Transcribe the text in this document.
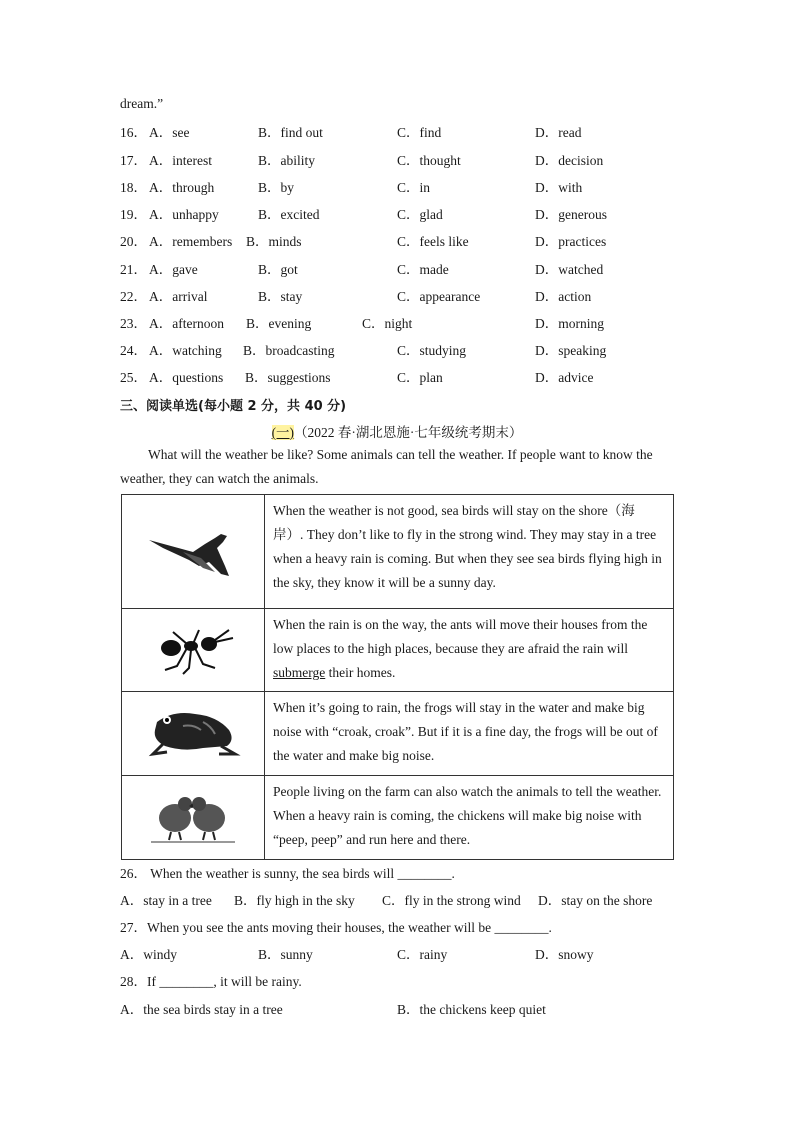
dream.”
16． A．see	B．find out	C．find	D．read
17． A．interest	B．ability	C．thought	D．decision
18． A．through	B．by	C．in	D．with
19． A．unhappy	B．excited	C．glad	D．generous
20． A．remembers B．minds	C．feels like	D．practices
21． A．gave	B．got	C．made	D．watched
22． A．arrival	B．stay	C．appearance	D．action
23． A．afternoon B．evening	C．night	D．morning
24． A．watching B．broadcasting	C．studying	D．speaking
25． A．questions B．suggestions	C．plan	D．advice
三、阅读单选(每小题 2 分，共 40 分)
(一)（2022 春·湖北恩施·七年级统考期末）
What will the weather be like? Some animals can tell the weather. If people want to know the weather, they can watch the animals.
	When the weather is not good, sea birds will stay on the shore（海岸）. They don’t like to fly in the strong wind. They may stay in a tree when a heavy rain is coming. But when they see sea birds flying high in the sky, they know it will be a sunny day.
	When the rain is on the way, the ants will move their houses from the low places to the high places, because they are afraid the rain will submerge their homes.
	When it’s going to rain, the frogs will stay in the water and make big noise with “croak, croak”. But if it is a fine day, the frogs will be out of the water and make big noise.
	People living on the farm can also watch the animals to tell the weather. When a heavy rain is coming, the chickens will make big noise with “peep, peep” and run here and there.
26． When the weather is sunny, the sea birds will ________.
A．stay in a tree B．fly high in the sky C．fly in the strong wind D．stay on the shore
27．When you see the ants moving their houses, the weather will be ________.
A．windy	B．sunny	C．rainy	D．snowy
28．If ________, it will be rainy.
A．the sea birds stay in a tree	B．the chickens keep quiet
